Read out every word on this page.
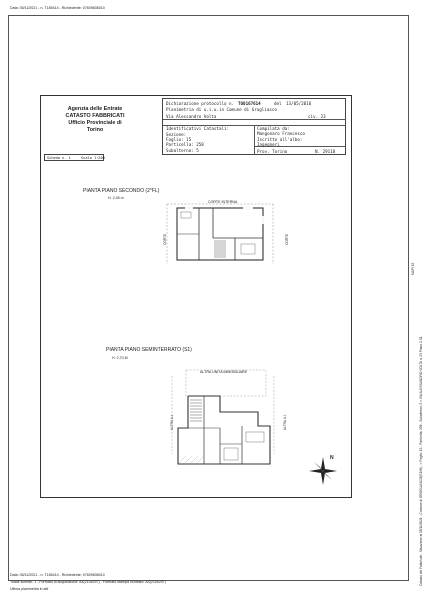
Data: 05/11/2021 - n. T185414 - Richiedente: 07609836010
Catasto dei Fabbricati - Situazione al 05/11/2021 - Comune di GROGLIASCO(E198) - < Foglio: 15 - Particella: 258 - Subalterno: 5 > VIA ALESSANDRO VOLTA n. 23 Piano 2-S1
MAPI 15
Agenzia delle Entrate
CATASTO FABBRICATI
Ufficio Provinciale di
Torino
Dichiarazione protocollo n. TO0167614	del 13/05/2016
Planimetria di u.i.u.in Comune di Grugliasco
Via Alessandro Volta	civ. 23
Identificativi Catastali:
Sezione:
Foglio: 15
Particella: 258
Subalterno: 5
Compilata da:
Mangonaro Francesco
Iscritto all'albo:
Ingegneri
Prov. Torino	N. 29118
Scheda n. 1	Scala 1:200
PIANTA PIANO SECONDO (2°FL)
H. 2.45 m
CORTE INTERNA
CORTE	CORTE
PIANTA PIANO SEMINTERRATO (S1)
H. 2,70 M
ALTRA UNITA IMMOBILIARE
ALTRA U.I.	ALTRA U.I.
N
Data: 05/11/2021 - n. T185414 - Richiedente: 07609836010
Totale schede: 1 - Formato di acquisizione: A4(210x297) - Formato stampa richiesto: A4(210x297)
Ultima planimetria in atti
